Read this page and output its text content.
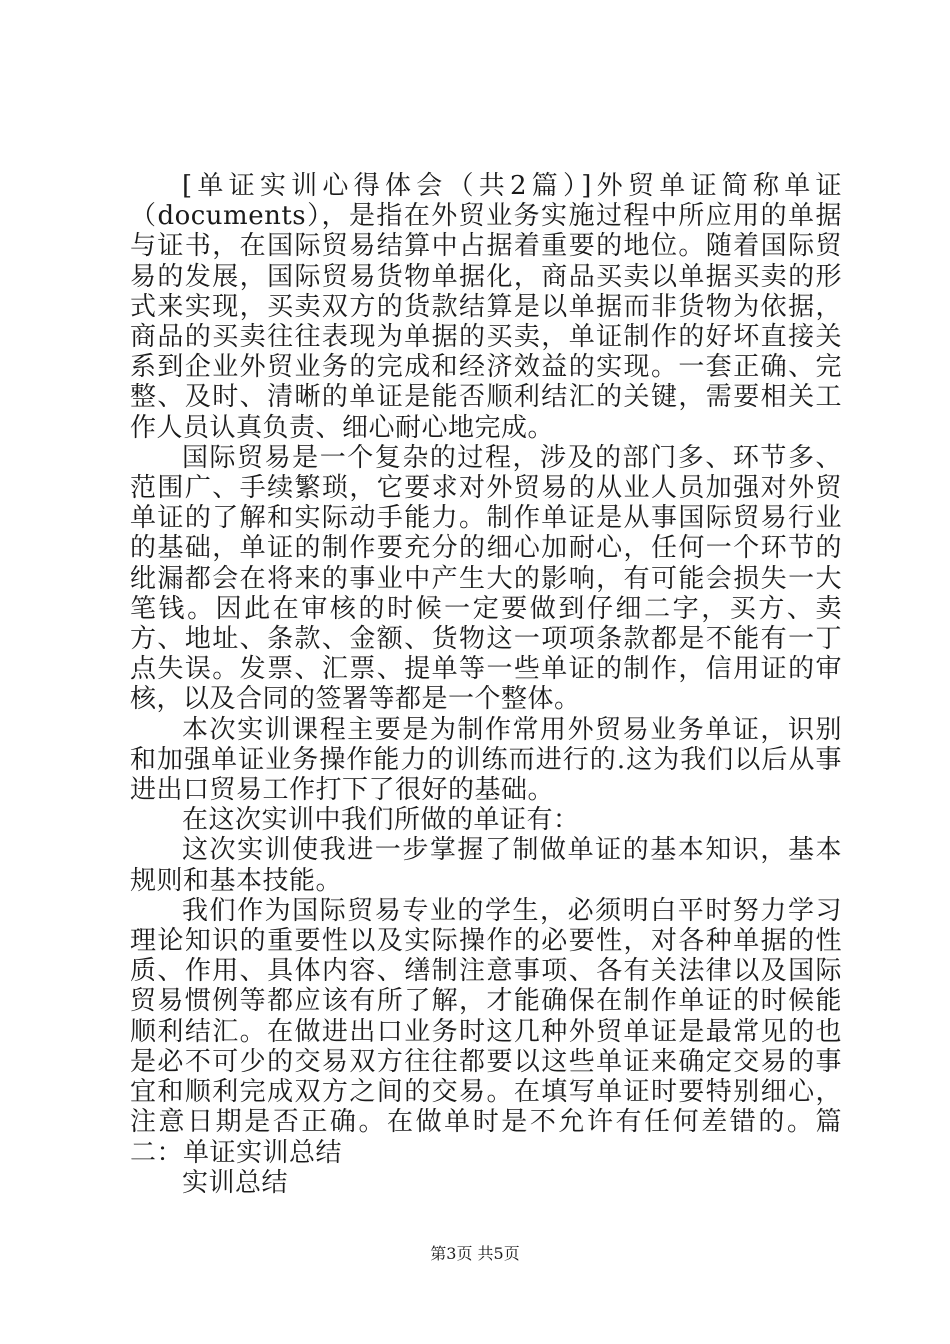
[单证实训心得体会（共2篇）]外贸单证简称单证（documents），是指在外贸业务实施过程中所应用的单据与证书，在国际贸易结算中占据着重要的地位。随着国际贸易的发展，国际贸易货物单据化，商品买卖以单据买卖的形式来实现，买卖双方的货款结算是以单据而非货物为依据，商品的买卖往往表现为单据的买卖，单证制作的好坏直接关系到企业外贸业务的完成和经济效益的实现。一套正确、完整、及时、清晰的单证是能否顺利结汇的关键，需要相关工作人员认真负责、细心耐心地完成。

国际贸易是一个复杂的过程，涉及的部门多、环节多、范围广、手续繁琐，它要求对外贸易的从业人员加强对外贸单证的了解和实际动手能力。制作单证是从事国际贸易行业的基础，单证的制作要充分的细心加耐心，任何一个环节的纰漏都会在将来的事业中产生大的影响，有可能会损失一大笔钱。因此在审核的时候一定要做到仔细二字，买方、卖方、地址、条款、金额、货物这一项项条款都是不能有一丁点失误。发票、汇票、提单等一些单证的制作，信用证的审核，以及合同的签署等都是一个整体。

本次实训课程主要是为制作常用外贸易业务单证，识别和加强单证业务操作能力的训练而进行的.这为我们以后从事进出口贸易工作打下了很好的基础。

在这次实训中我们所做的单证有：

这次实训使我进一步掌握了制做单证的基本知识，基本规则和基本技能。

我们作为国际贸易专业的学生，必须明白平时努力学习理论知识的重要性以及实际操作的必要性，对各种单据的性质、作用、具体内容、缮制注意事项、各有关法律以及国际贸易惯例等都应该有所了解，才能确保在制作单证的时候能顺利结汇。在做进出口业务时这几种外贸单证是最常见的也是必不可少的交易双方往往都要以这些单证来确定交易的事宜和顺利完成双方之间的交易。在填写单证时要特别细心，注意日期是否正确。在做单时是不允许有任何差错的。篇二：单证实训总结

实训总结

第3页 共5页
